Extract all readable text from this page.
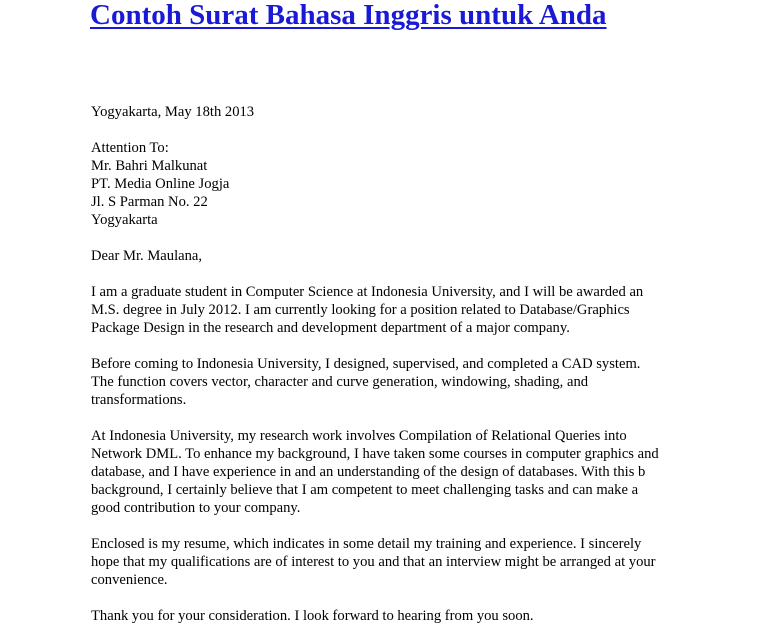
Contoh Surat Bahasa Inggris untuk Anda
Yogyakarta, May 18th 2013
Attention To:
Mr. Bahri Malkunat
PT. Media Online Jogja
Jl. S Parman No. 22
Yogyakarta
Dear Mr. Maulana,
I am a graduate student in Computer Science at Indonesia University, and I will be awarded an
M.S. degree in July 2012. I am currently looking for a position related to Database/Graphics
Package Design in the research and development department of a major company.
Before coming to Indonesia University, I designed, supervised, and completed a CAD system.
The function covers vector, character and curve generation, windowing, shading, and
transformations.
At Indonesia University, my research work involves Compilation of Relational Queries into
Network DML. To enhance my background, I have taken some courses in computer graphics and
database, and I have experience in and an understanding of the design of databases. With this b
background, I certainly believe that I am competent to meet challenging tasks and can make a
good contribution to your company.
Enclosed is my resume, which indicates in some detail my training and experience. I sincerely
hope that my qualifications are of interest to you and that an interview might be arranged at your
convenience.
Thank you for your consideration. I look forward to hearing from you soon.
